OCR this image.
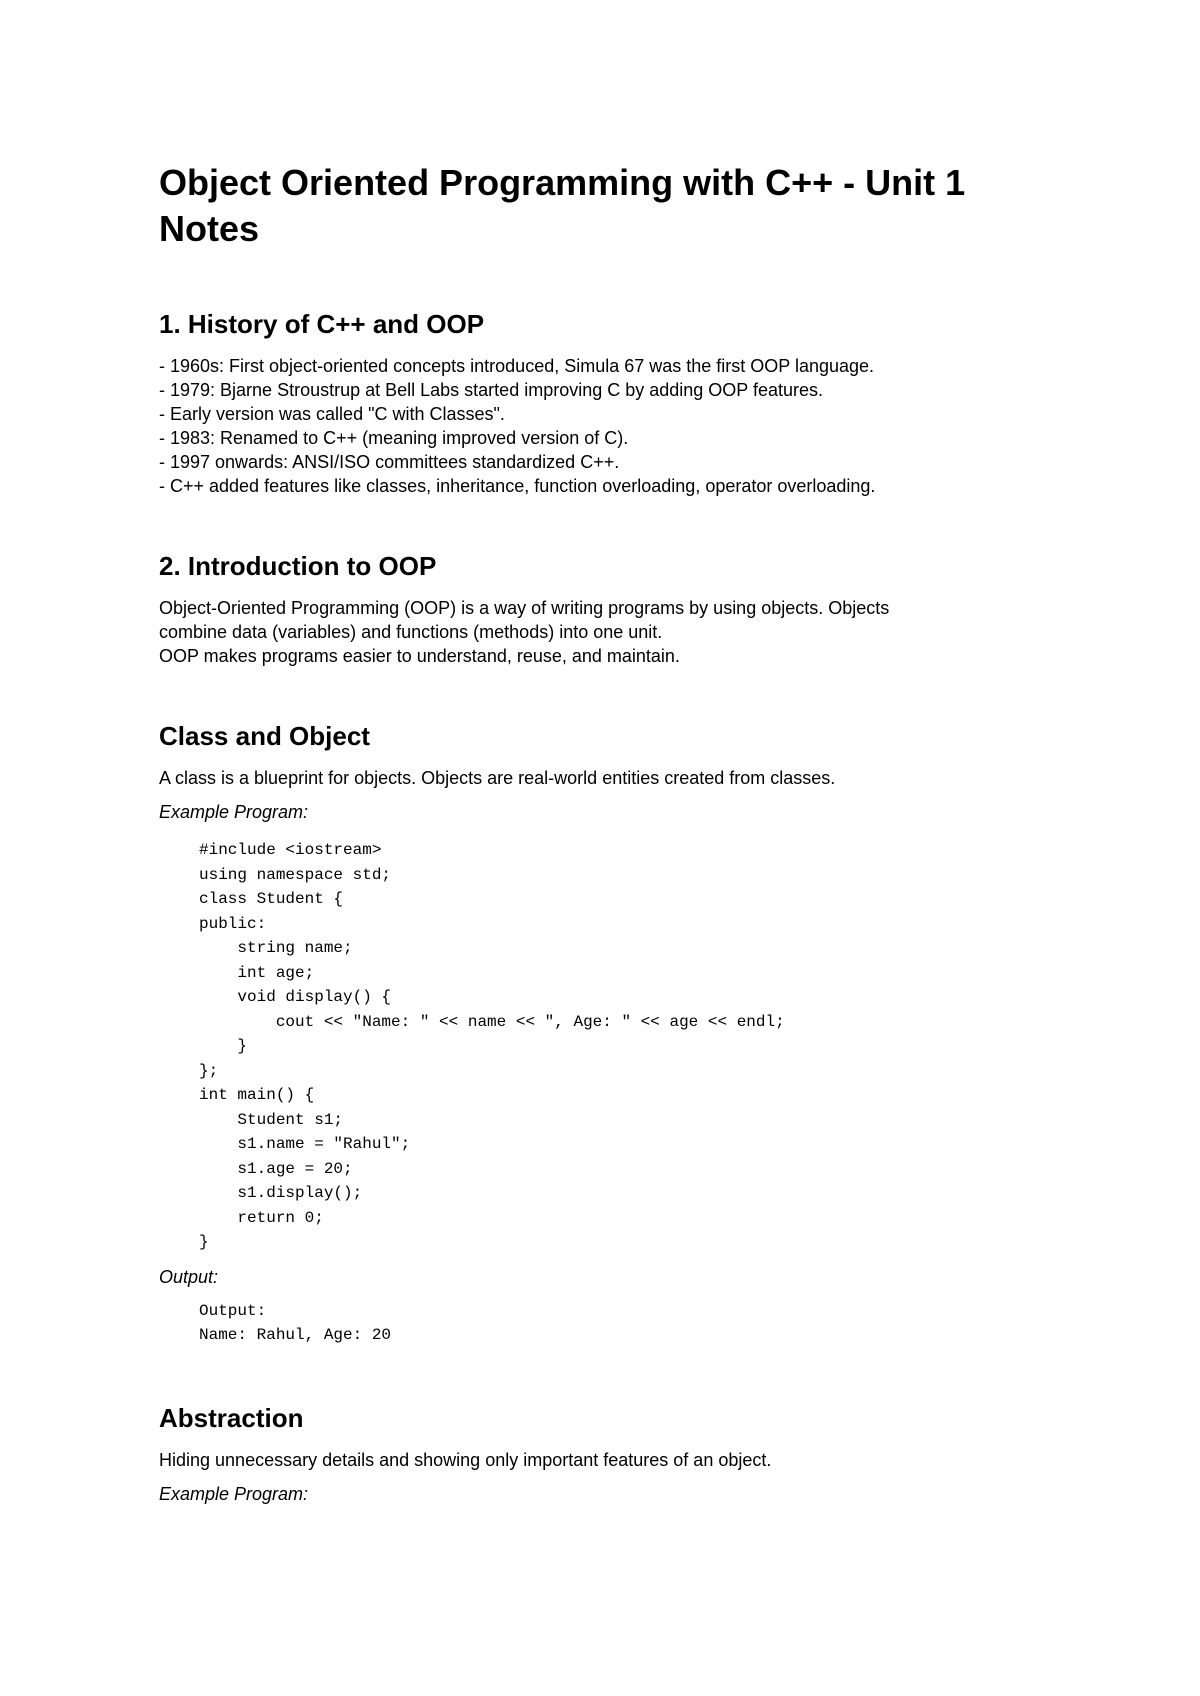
Object Oriented Programming with C++ - Unit 1 Notes
1. History of C++ and OOP
- 1960s: First object-oriented concepts introduced, Simula 67 was the first OOP language.
- 1979: Bjarne Stroustrup at Bell Labs started improving C by adding OOP features.
- Early version was called "C with Classes".
- 1983: Renamed to C++ (meaning improved version of C).
- 1997 onwards: ANSI/ISO committees standardized C++.
- C++ added features like classes, inheritance, function overloading, operator overloading.
2. Introduction to OOP

Object-Oriented Programming (OOP) is a way of writing programs by using objects. Objects
combine data (variables) and functions (methods) into one unit.
OOP makes programs easier to understand, reuse, and maintain.

Class and Object

A class is a blueprint for objects. Objects are real-world entities created from classes.

Example Program:

#include <iostream>
using namespace std;
class Student {
public:
string name;
int age;
void display() {
cout << "Name: " << name << ", Age: " << age << endl;
}
};
int main() {
Student s1;
s1.name = "Rahul";
s1.age = 20;
s1.display();
return 0;
}

Output:

Output:
Name: Rahul, Age: 20
Abstraction

Hiding unnecessary details and showing only important features of an object.

Example Program:
